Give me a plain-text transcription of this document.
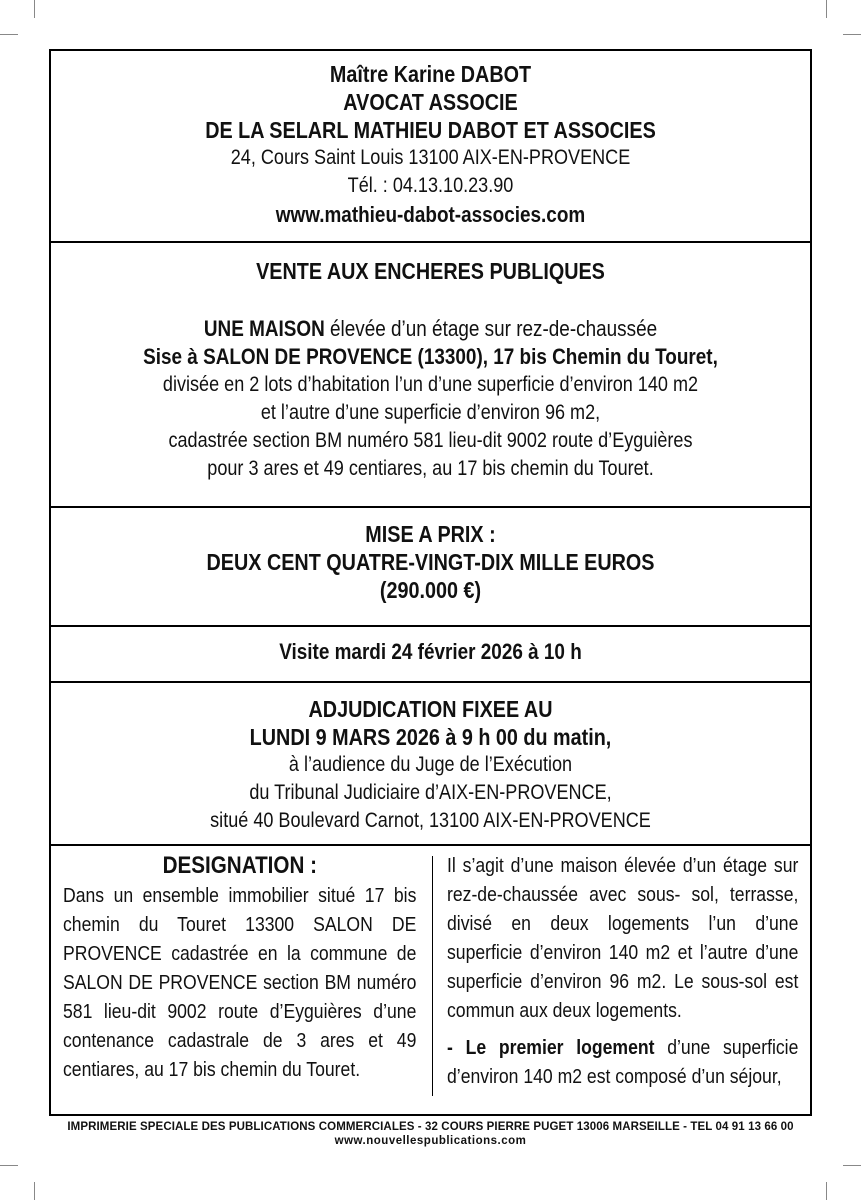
Maître Karine DABOT
AVOCAT ASSOCIE
DE LA SELARL MATHIEU DABOT ET ASSOCIES
24, Cours Saint Louis 13100 AIX-EN-PROVENCE
Tél. : 04.13.10.23.90
www.mathieu-dabot-associes.com
VENTE AUX ENCHERES PUBLIQUES
UNE MAISON élevée d’un étage sur rez-de-chaussée
Sise à SALON DE PROVENCE (13300), 17 bis Chemin du Touret,
divisée en 2 lots d’habitation l’un d’une superficie d’environ 140 m2
et l’autre d’une superficie d’environ 96 m2,
cadastrée section BM numéro 581 lieu-dit 9002 route d’Eyguières
pour 3 ares et 49 centiares, au 17 bis chemin du Touret.
MISE A PRIX :
DEUX CENT QUATRE-VINGT-DIX MILLE EUROS
(290.000 €)
Visite mardi 24 février 2026 à 10 h
ADJUDICATION FIXEE AU
LUNDI 9 MARS 2026 à 9 h 00 du matin,
à l’audience du Juge de l’Exécution
du Tribunal Judiciaire d’AIX-EN-PROVENCE,
situé 40 Boulevard Carnot, 13100 AIX-EN-PROVENCE
DESIGNATION :
Dans un ensemble immobilier situé 17 bis chemin du Touret 13300 SALON DE PROVENCE cadastrée en la commune de SALON DE PROVENCE section BM numéro 581 lieu-dit 9002 route d’Eyguières d’une contenance cadastrale de 3 ares et 49 centiares, au 17 bis chemin du Touret.
Il s’agit d’une maison élevée d’un étage sur rez-de-chaussée avec sous- sol, terrasse, divisé en deux logements l’un d’une superficie d’environ 140 m2 et l’autre d’une superficie d’environ 96 m2. Le sous-sol est commun aux deux logements.
- Le premier logement d’une superficie d’environ 140 m2 est composé d’un séjour,
IMPRIMERIE SPECIALE DES PUBLICATIONS COMMERCIALES - 32 COURS PIERRE PUGET 13006 MARSEILLE - TEL 04 91 13 66 00
www.nouvellespublications.com
